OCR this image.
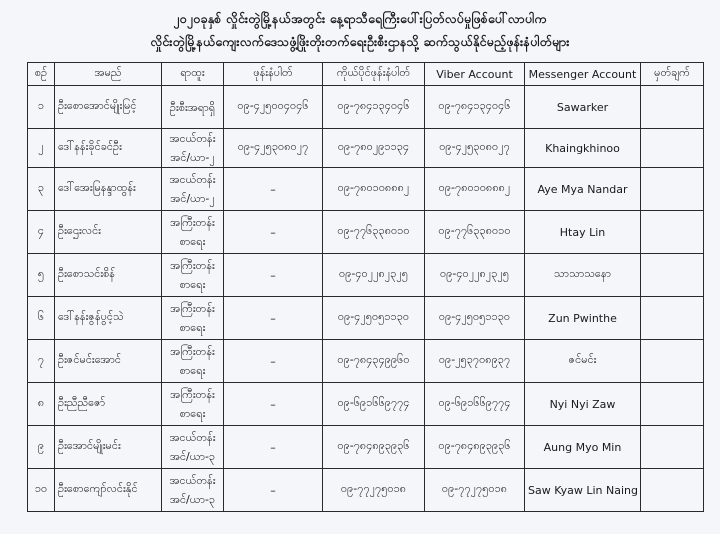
၂၀၂၀ခုနှစ် လှိုင်းတွဲမြို့နယ်အတွင်း နေ့ရာသီရေကြီးပေါ်းပြတ်လပ်မှုဖြစ်ပေါ်လာပါက
လှိုင်းတွဲမြို့နယ်ကျေးလက်ဒေသဖွံ့ဖြိုးတိုးတက်ရေးဦးစီးဌာနသို့ ဆက်သွယ်နိုင်မည့်ဖုန်းနံပါတ်များ
စဉ်	အမည်	ရာထူး	ဖုန်းနံပါတ်	ကိုယ်ပိုင်ဖုန်းနံပါတ်	Viber Account	Messenger Account	မှတ်ချက်
၁	ဦးစောအောင်မျိုးမြင့်	ဦးစီးအရာရှိ	၀၉-၄၂၅၀၀၄၀၄၆	၀၉-၇၈၄၁၃၄၀၄၆	၀၉-၇၈၄၁၃၄၀၄၆	Sawarker	
၂	ဒေါ်နန်းခိုင်ခင်ဦး	အငယ်တန်း
အင်/ယာ-၂	၀၉-၄၂၅၃၀၈၀၂၇	၀၉-၇၈၀၂၉၁၁၃၄	၀၉-၄၂၅၃၀၈၀၂၇	Khaingkhinoo	
၃	ဒေါ်အေးမြနန္ဒာထွန်း	အငယ်တန်း
အင်/ယာ-၂	–	၀၉-၇၈၀၁၀၈၈၈၂	၀၉-၇၈၀၁၀၈၈၈၂	Aye Mya Nandar	
၄	ဦးဌေးလင်း	အကြီးတန်း
စာရေး	–	၀၉-၇၇၆၃၃၈၀၁၀	၀၉-၇၇၆၃၃၈၀၁၀	Htay Lin	
၅	ဦးစောသင်းစိန်	အကြီးတန်း
စာရေး	–	၀၉-၄၀၂၂၈၂၃၂၅	၀၉-၄၀၂၂၈၂၃၂၅	သာသာသနော	
၆	ဒေါ်နန်းဇွန်ပွင့်သဲ	အကြီးတန်း
စာရေး	–	၀၉-၄၂၅၀၅၁၁၃၀	၀၉-၄၂၅၀၅၁၁၃၀	Zun Pwinthe	
၇	ဦးဇင်မင်းအောင်	အကြီးတန်း
စာရေး	–	၀၉-၇၈၄၃၄၉၉၆၀	၀၉-၂၅၃၇၀၈၉၃၇	ဇင်မင်း	
၈	ဦးညီညီဇော်	အကြီးတန်း
စာရေး	–	၀၉-၆၉၁၆၆၉၇၇၄	၀၉-၆၉၁၆၆၉၇၇၄	Nyi Nyi Zaw	
၉	ဦးအောင်မျိုးမင်း	အငယ်တန်း
အင်/ယာ-၃	–	၀၉-၇၈၄၈၉၃၉၃၆	၀၉-၇၈၄၈၉၃၉၃၆	Aung Myo Min	
၁၀	ဦးစောကျော်လင်းနိုင်	အငယ်တန်း
အင်/ယာ-၃	–	၀၉-၇၇၂၇၅၀၁၈	၀၉-၇၇၂၇၅၀၁၈	Saw Kyaw Lin Naing	
